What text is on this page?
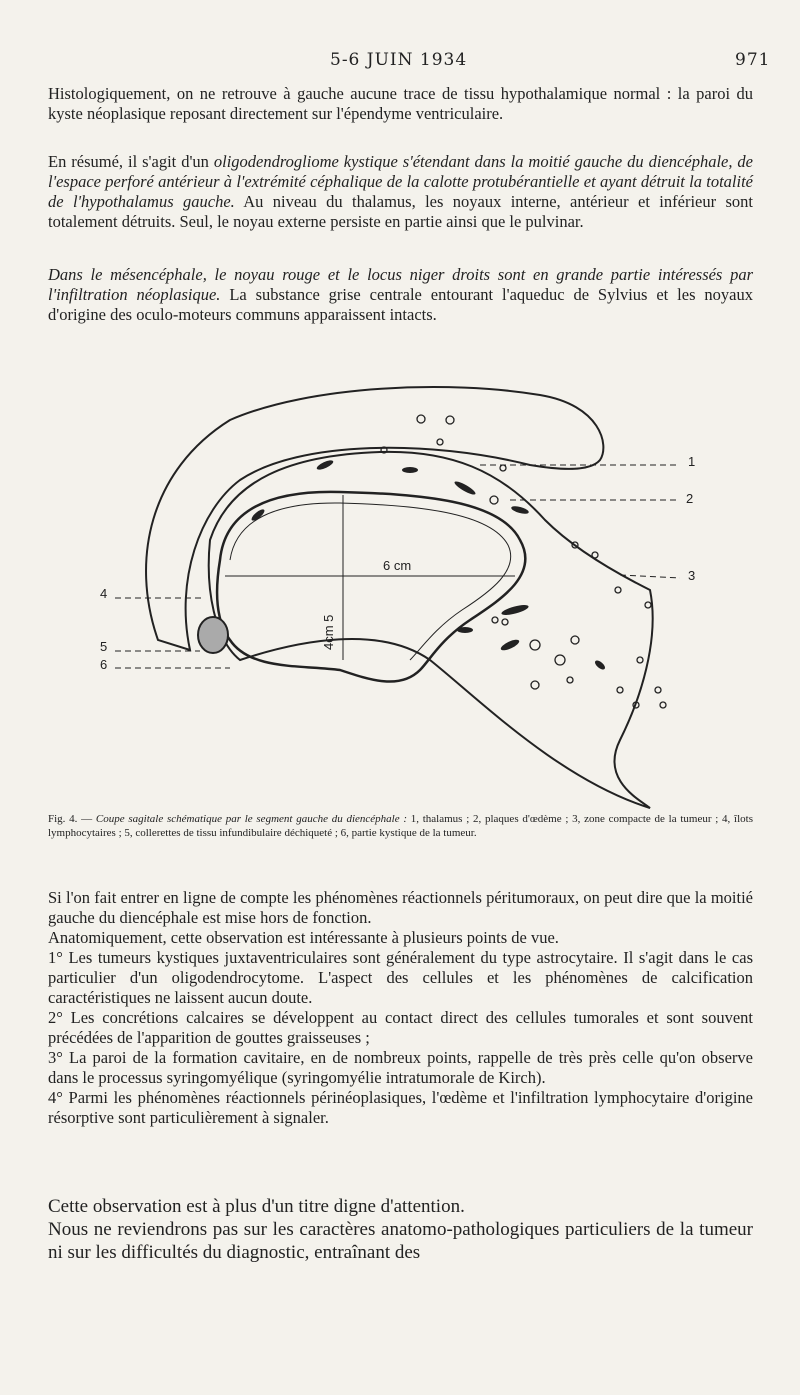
5-6 JUIN 1934	971
Histologiquement, on ne retrouve à gauche aucune trace de tissu hypothalamique normal : la paroi du kyste néoplasique reposant directement sur l'épendyme ventriculaire.
En résumé, il s'agit d'un oligodendrogliome kystique s'étendant dans la moitié gauche du diencéphale, de l'espace perforé antérieur à l'extrémité céphalique de la calotte protubérantielle et ayant détruit la totalité de l'hypothalamus gauche. Au niveau du thalamus, les noyaux interne, antérieur et inférieur sont totalement détruits. Seul, le noyau externe persiste en partie ainsi que le pulvinar.
Dans le mésencéphale, le noyau rouge et le locus niger droits sont en grande partie intéressés par l'infiltration néoplasique. La substance grise centrale entourant l'aqueduc de Sylvius et les noyaux d'origine des oculo-moteurs communs apparaissent intacts.
6 cm
4cm 5
1
2
3
4
5
6
Fig. 4. — Coupe sagitale schématique par le segment gauche du diencéphale : 1, thalamus ; 2, plaques d'œdème ; 3, zone compacte de la tumeur ; 4, îlots lymphocytaires ; 5, collerettes de tissu infundibulaire déchiqueté ; 6, partie kystique de la tumeur.
Si l'on fait entrer en ligne de compte les phénomènes réactionnels péritumoraux, on peut dire que la moitié gauche du diencéphale est mise hors de fonction.
Anatomiquement, cette observation est intéressante à plusieurs points de vue.
1° Les tumeurs kystiques juxtaventriculaires sont généralement du type astrocytaire. Il s'agit dans le cas particulier d'un oligodendrocytome. L'aspect des cellules et les phénomènes de calcification caractéristiques ne laissent aucun doute.
2° Les concrétions calcaires se développent au contact direct des cellules tumorales et sont souvent précédées de l'apparition de gouttes graisseuses ;
3° La paroi de la formation cavitaire, en de nombreux points, rappelle de très près celle qu'on observe dans le processus syringomyélique (syringomyélie intratumorale de Kirch).
4° Parmi les phénomènes réactionnels périnéoplasiques, l'œdème et l'infiltration lymphocytaire d'origine résorptive sont particulièrement à signaler.
Cette observation est à plus d'un titre digne d'attention.
Nous ne reviendrons pas sur les caractères anatomo-pathologiques particuliers de la tumeur ni sur les difficultés du diagnostic, entraînant des
